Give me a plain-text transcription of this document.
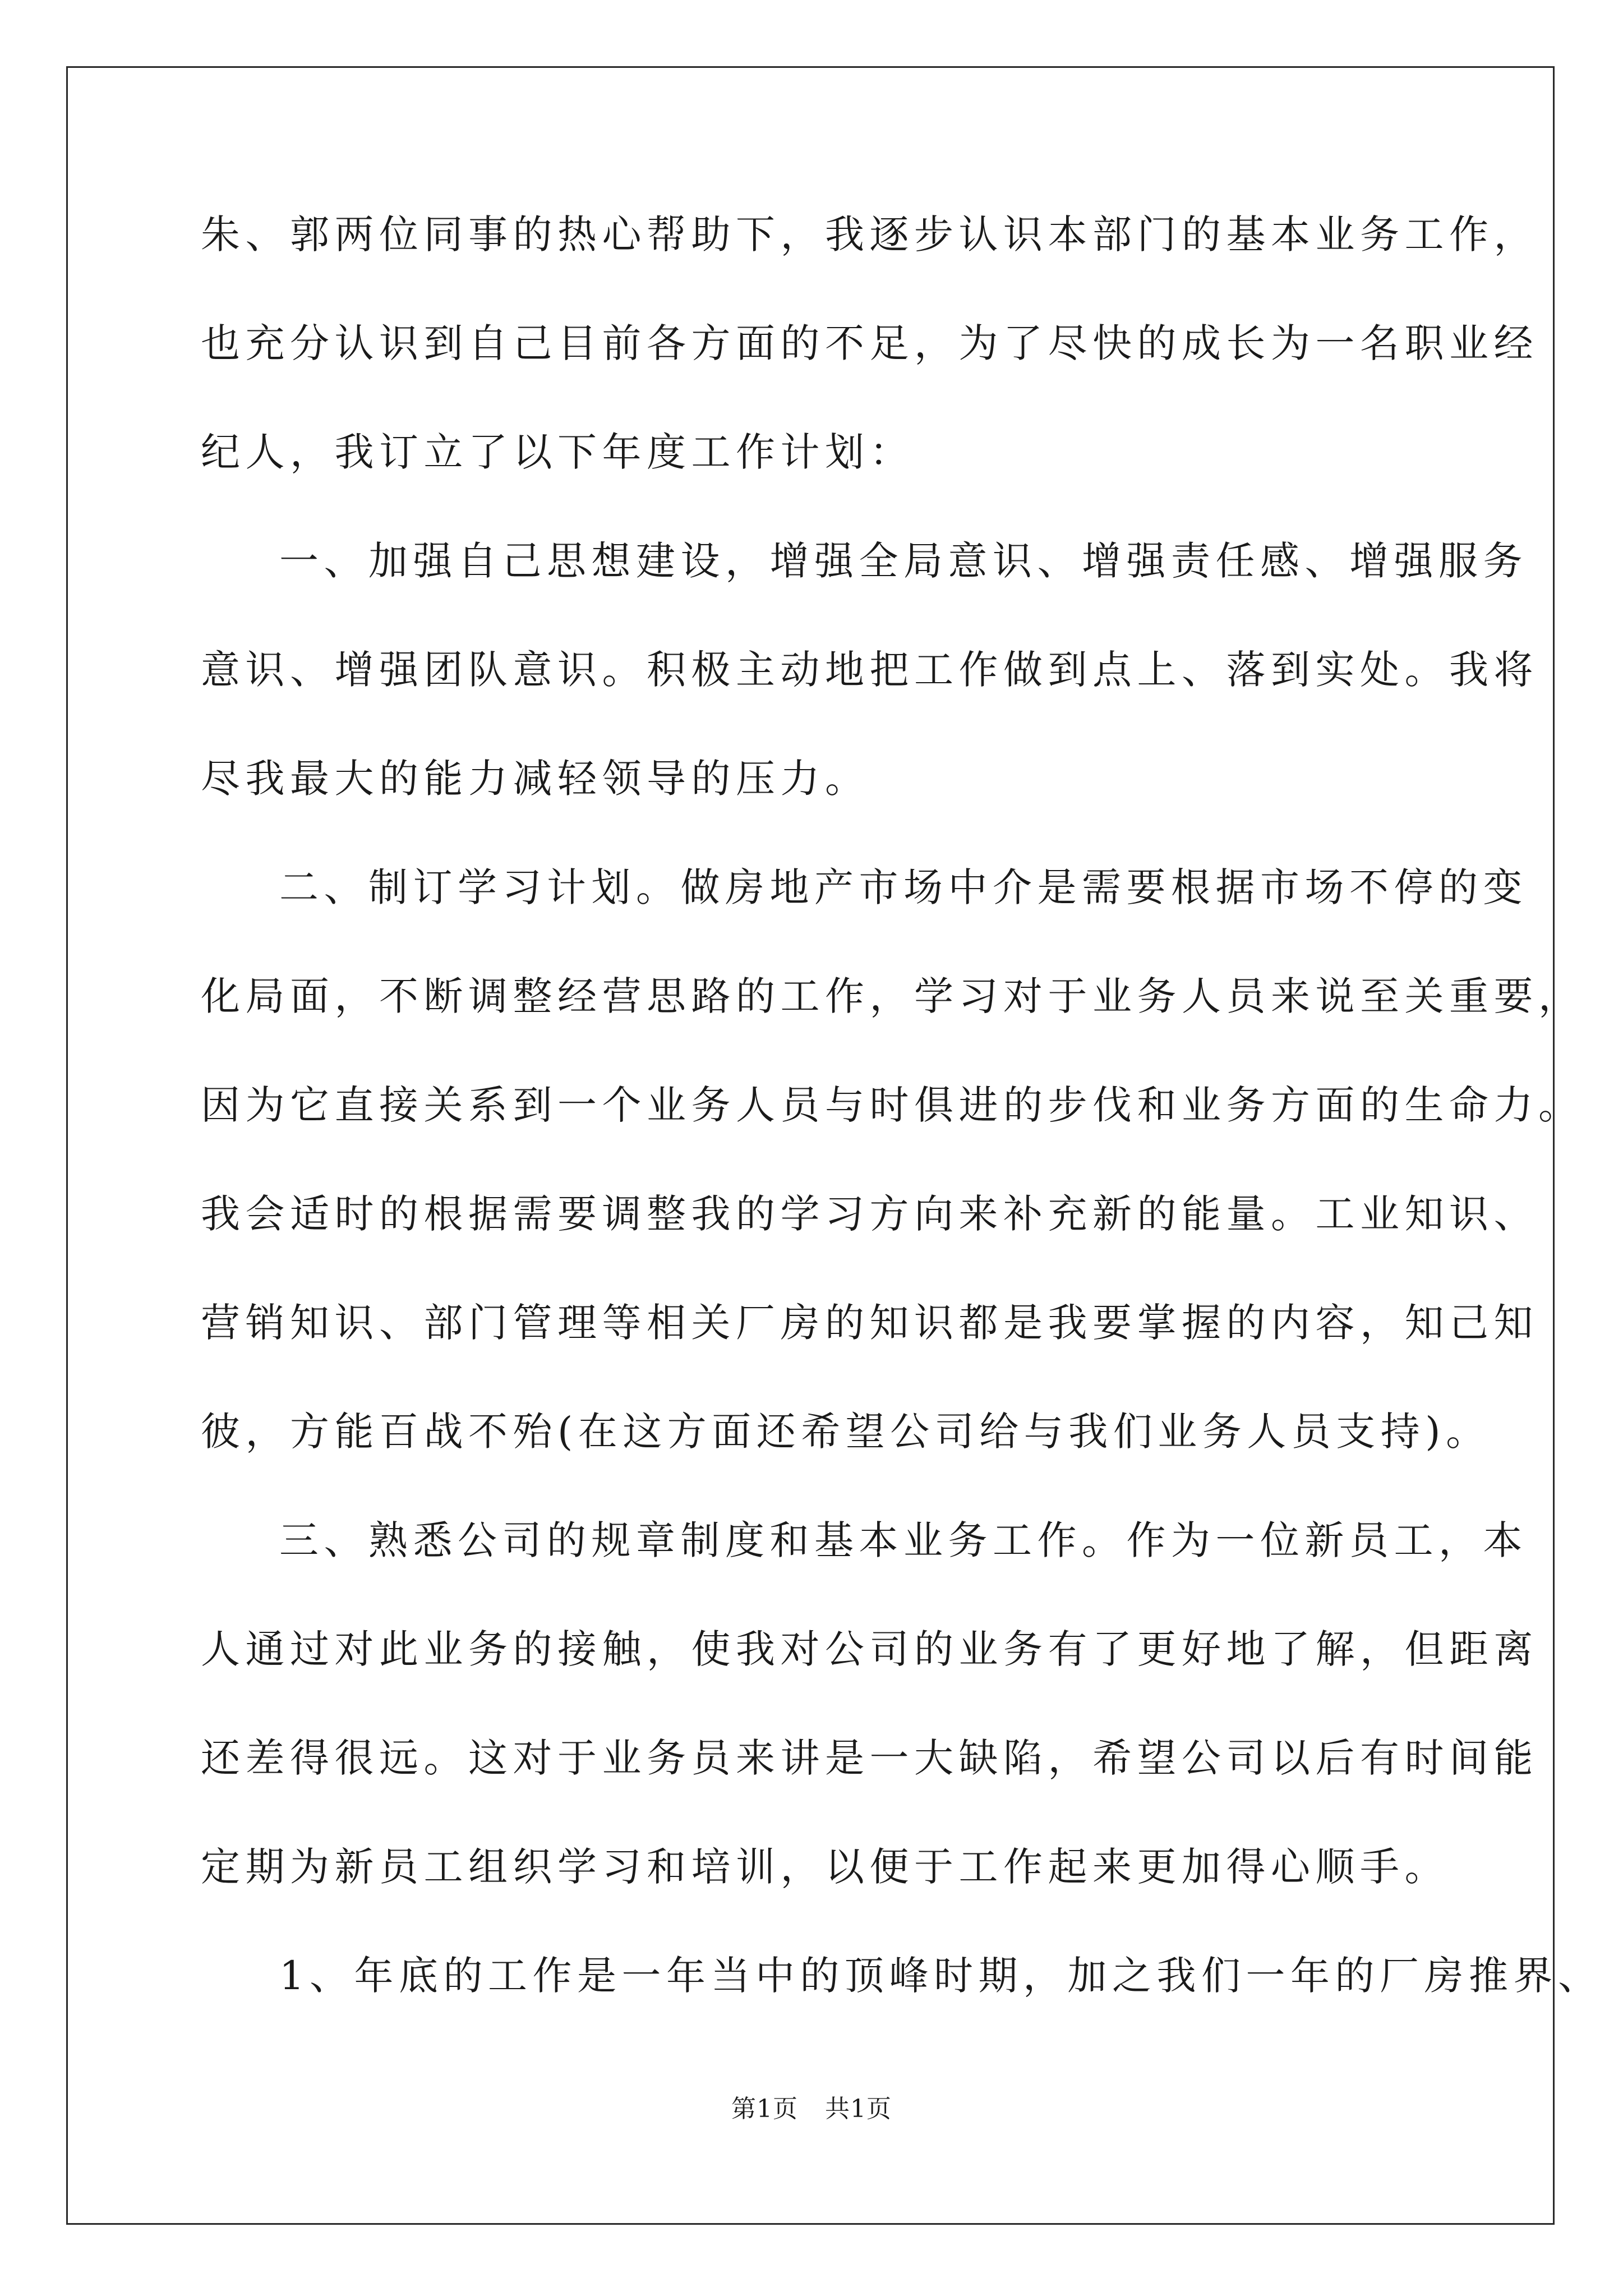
朱、郭两位同事的热心帮助下，我逐步认识本部门的基本业务工作，
也充分认识到自己目前各方面的不足，为了尽快的成长为一名职业经
纪人，我订立了以下年度工作计划：
一、加强自己思想建设，增强全局意识、增强责任感、增强服务
意识、增强团队意识。积极主动地把工作做到点上、落到实处。我将
尽我最大的能力减轻领导的压力。
二、制订学习计划。做房地产市场中介是需要根据市场不停的变
化局面，不断调整经营思路的工作，学习对于业务人员来说至关重要，
因为它直接关系到一个业务人员与时俱进的步伐和业务方面的生命力。
我会适时的根据需要调整我的学习方向来补充新的能量。工业知识、
营销知识、部门管理等相关厂房的知识都是我要掌握的内容，知己知
彼，方能百战不殆(在这方面还希望公司给与我们业务人员支持)。
三、熟悉公司的规章制度和基本业务工作。作为一位新员工，本
人通过对此业务的接触，使我对公司的业务有了更好地了解，但距离
还差得很远。这对于业务员来讲是一大缺陷，希望公司以后有时间能
定期为新员工组织学习和培训，以便于工作起来更加得心顺手。
1、年底的工作是一年当中的顶峰时期，加之我们一年的厂房推界、
第1页 共1页
